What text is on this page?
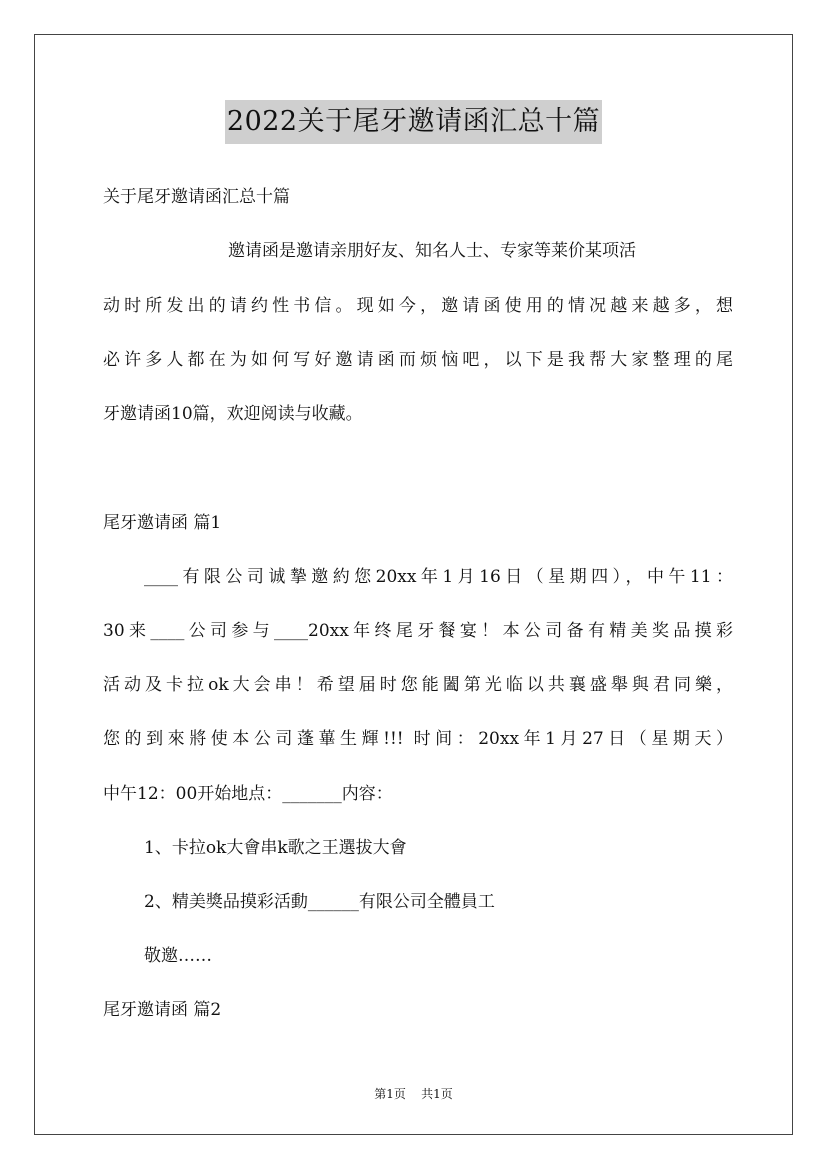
2022关于尾牙邀请函汇总十篇
关于尾牙邀请函汇总十篇
邀请函是邀请亲朋好友、知名人士、专家等莱价某项活
动时所发出的请约性书信。现如今，邀请函使用的情况越来越多，想
必许多人都在为如何写好邀请函而烦恼吧，以下是我帮大家整理的尾
牙邀请函10篇，欢迎阅读与收藏。
尾牙邀请函 篇1
____有限公司诚摯邀約您20xx年1月16日（星期四），中午11：
30来____公司参与____20xx年终尾牙餐宴！本公司备有精美奖品摸彩
活动及卡拉ok大会串！希望届时您能闔第光临以共襄盛舉與君同樂，
您的到來將使本公司蓬蓽生輝!!! 时间：20xx年1月27日（星期天）
中午12：00开始地点：_______内容：
1、卡拉ok大會串k歌之王選拔大會
2、精美獎品摸彩活動______有限公司全體員工
敬邀……
尾牙邀请函 篇2
第1页 共1页
